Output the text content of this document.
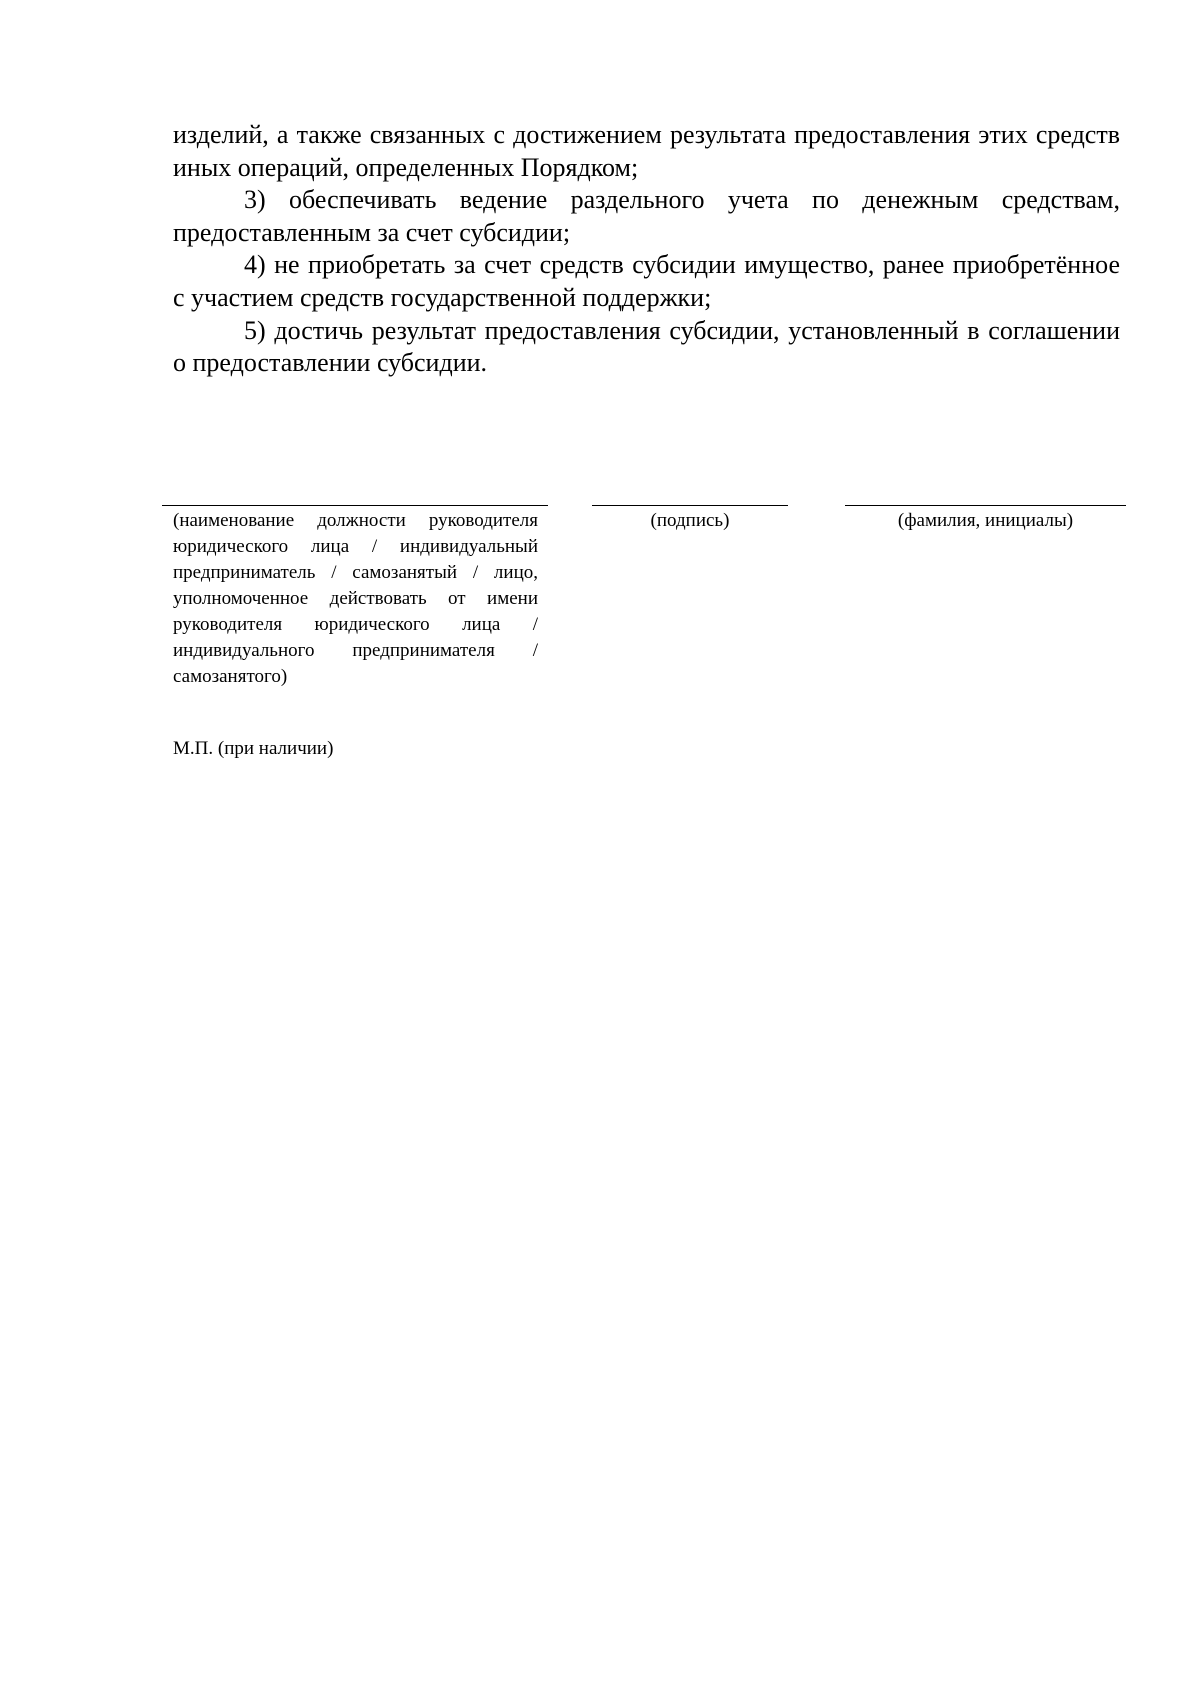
изделий, а также связанных с достижением результата предоставления этих средств иных операций, определенных Порядком;

3) обеспечивать ведение раздельного учета по денежным средствам, предоставленным за счет субсидии;

4) не приобретать за счет средств субсидии имущество, ранее приобретённое с участием средств государственной поддержки;

5) достичь результат предоставления субсидии, установленный в соглашении о предоставлении субсидии.

(наименование должности руководителя юридического лица / индивидуальный предприниматель / самозанятый / лицо, уполномоченное действовать от имени руководителя юридического лица / индивидуального предпринимателя / самозанятого)
(подпись)	(фамилия, инициалы)
М.П. (при наличии)
